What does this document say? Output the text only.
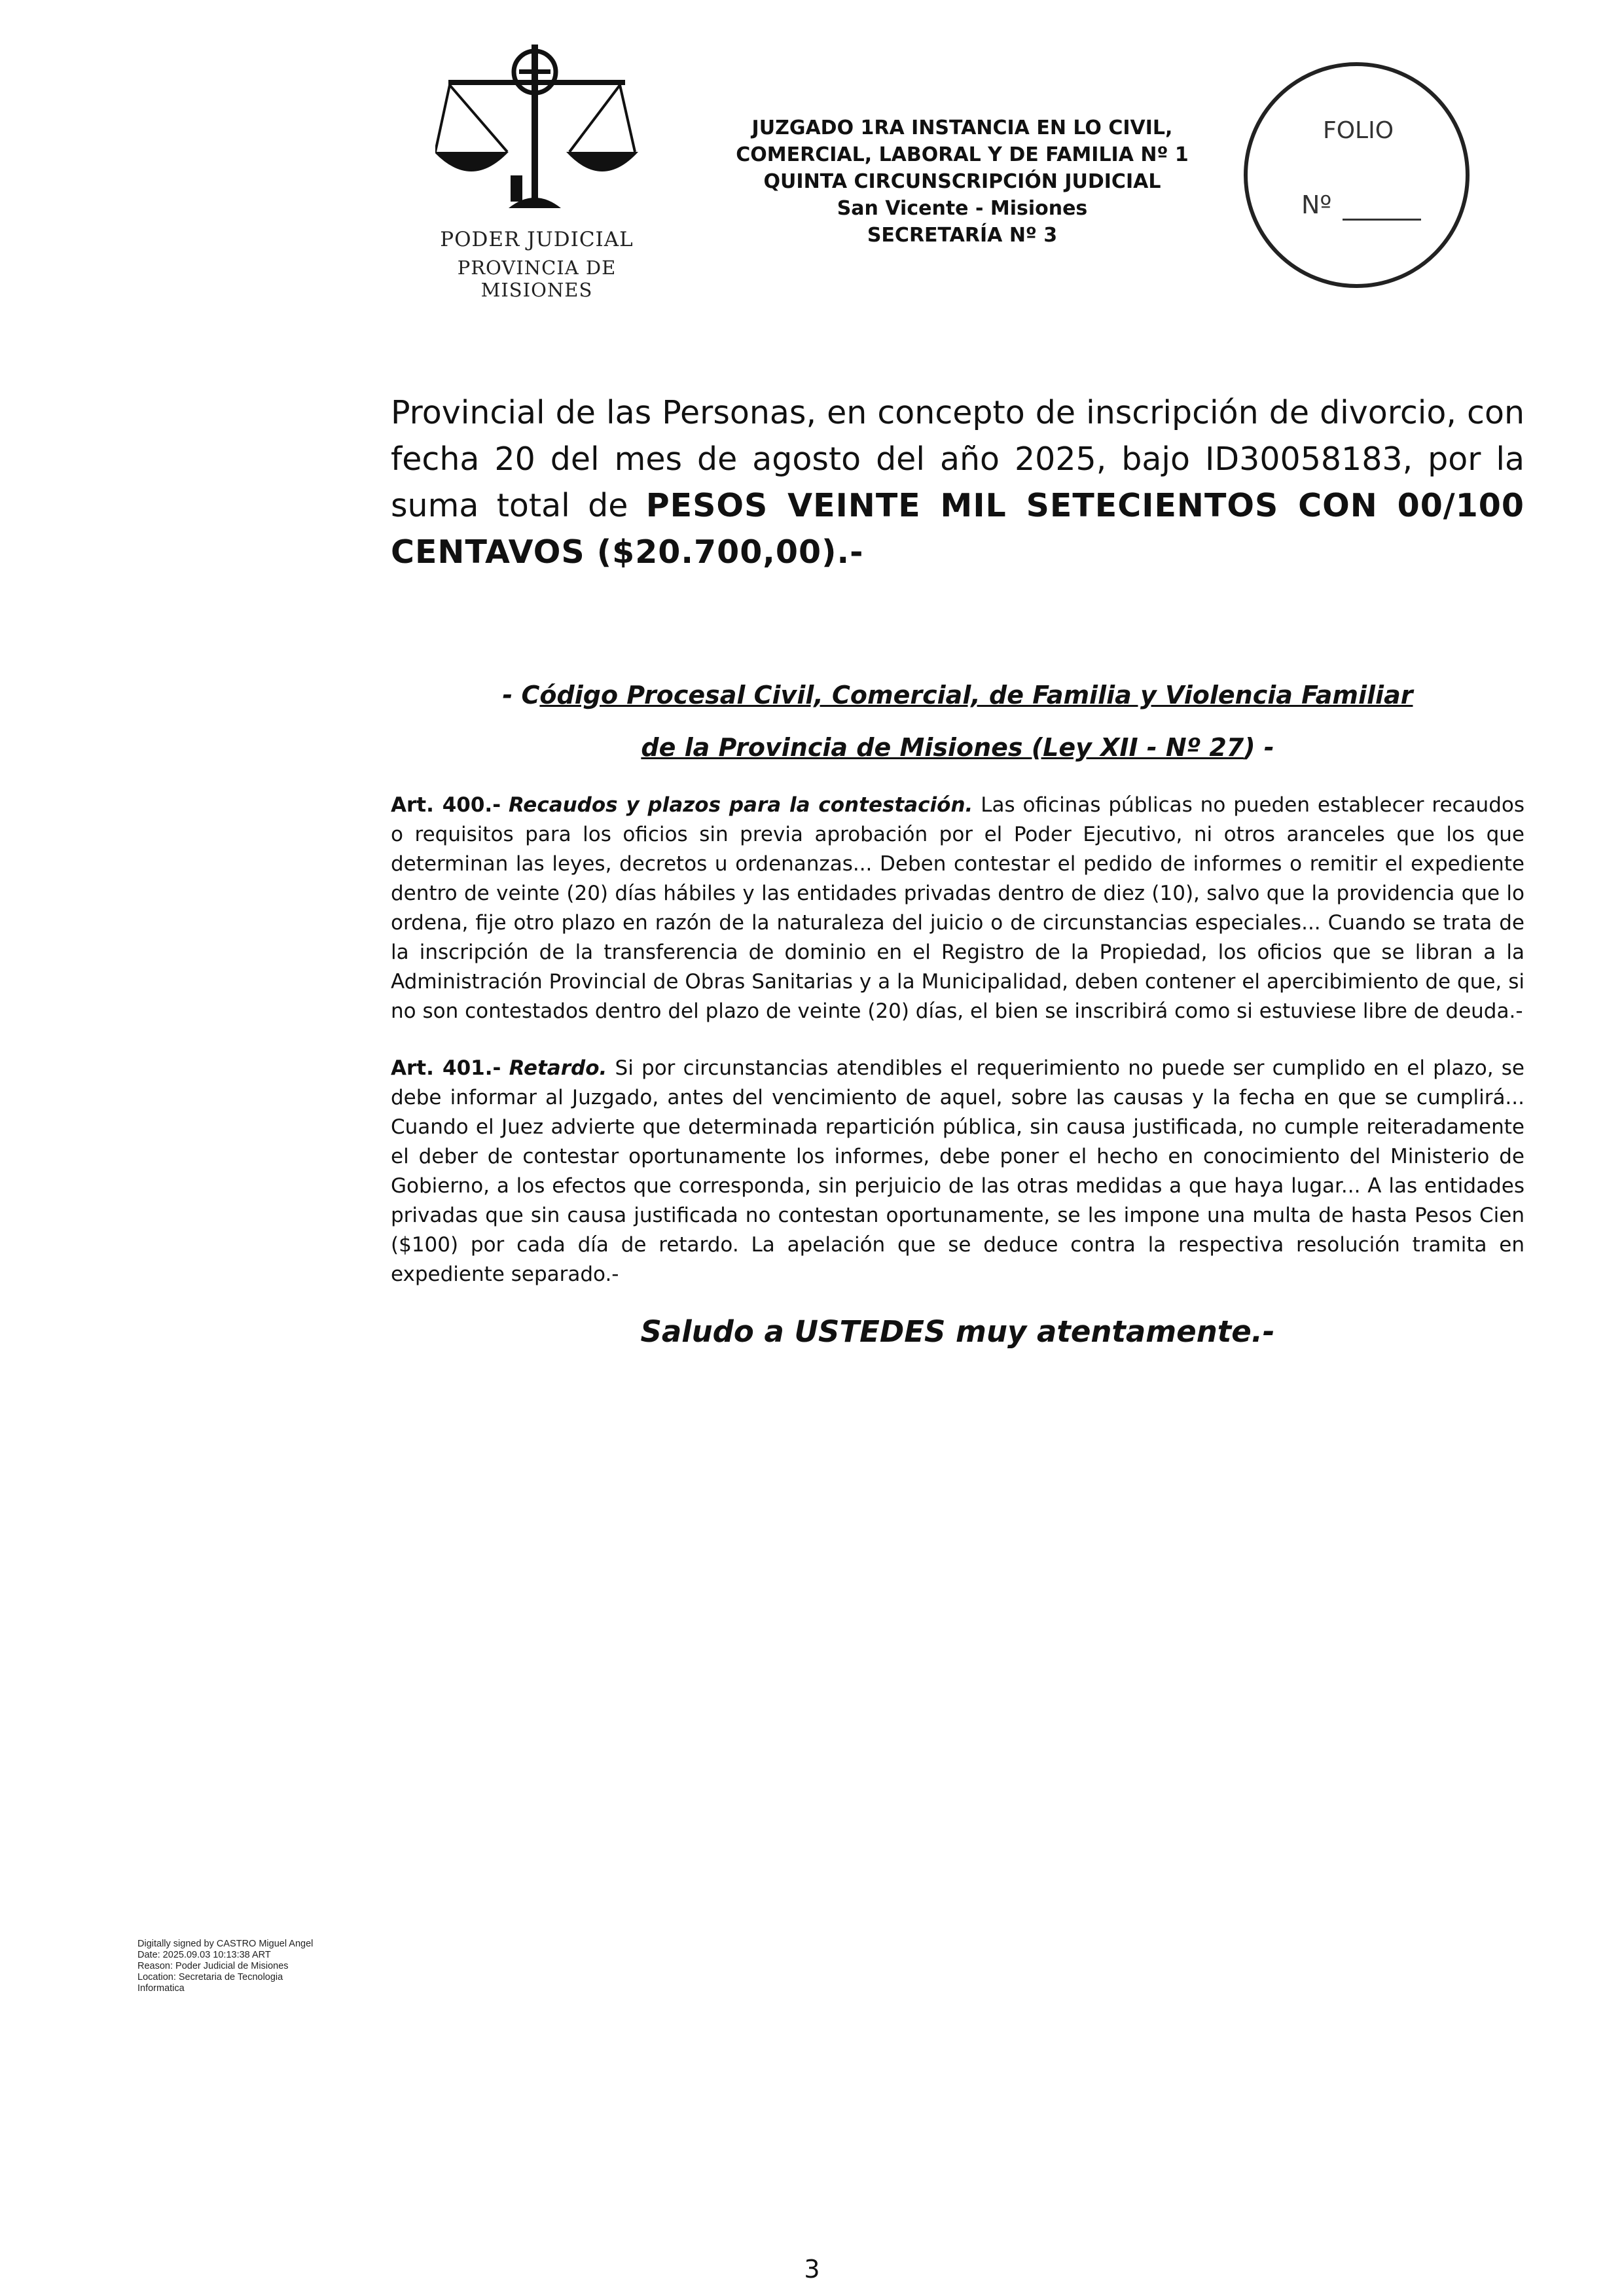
PODER JUDICIAL
PROVINCIA DE MISIONES
JUZGADO 1RA INSTANCIA EN LO CIVIL,
COMERCIAL, LABORAL Y DE FAMILIA Nº 1
QUINTA CIRCUNSCRIPCIÓN JUDICIAL
San Vicente - Misiones
SECRETARÍA Nº 3
FOLIO
Nº
Provincial de las Personas, en concepto de inscripción de divorcio, con fecha 20 del mes de agosto del año 2025, bajo ID30058183, por la suma total de PESOS VEINTE MIL SETECIENTOS CON 00/100 CENTAVOS ($20.700,00).-
- Código Procesal Civil, Comercial, de Familia y Violencia Familiar
de la Provincia de Misiones (Ley XII - Nº 27) -
Art. 400.- Recaudos y plazos para la contestación. Las oficinas públicas no pueden establecer recaudos o requisitos para los oficios sin previa aprobación por el Poder Ejecutivo, ni otros aranceles que los que determinan las leyes, decretos u ordenanzas... Deben contestar el pedido de informes o remitir el expediente dentro de veinte (20) días hábiles y las entidades privadas dentro de diez (10), salvo que la providencia que lo ordena, fije otro plazo en razón de la naturaleza del juicio o de circunstancias especiales... Cuando se trata de la inscripción de la transferencia de dominio en el Registro de la Propiedad, los oficios que se libran a la Administración Provincial de Obras Sanitarias y a la Municipalidad, deben contener el apercibimiento de que, si no son contestados dentro del plazo de veinte (20) días, el bien se inscribirá como si estuviese libre de deuda.-
Art. 401.- Retardo. Si por circunstancias atendibles el requerimiento no puede ser cumplido en el plazo, se debe informar al Juzgado, antes del vencimiento de aquel, sobre las causas y la fecha en que se cumplirá... Cuando el Juez advierte que determinada repartición pública, sin causa justificada, no cumple reiteradamente el deber de contestar oportunamente los informes, debe poner el hecho en conocimiento del Ministerio de Gobierno, a los efectos que corresponda, sin perjuicio de las otras medidas a que haya lugar... A las entidades privadas que sin causa justificada no contestan oportunamente, se les impone una multa de hasta Pesos Cien ($100) por cada día de retardo. La apelación que se deduce contra la respectiva resolución tramita en expediente separado.-
Saludo a USTEDES muy atentamente.-
Digitally signed by CASTRO Miguel Angel
Date: 2025.09.03 10:13:38 ART
Reason: Poder Judicial de Misiones
Location: Secretaria de Tecnologia
Informatica
3
